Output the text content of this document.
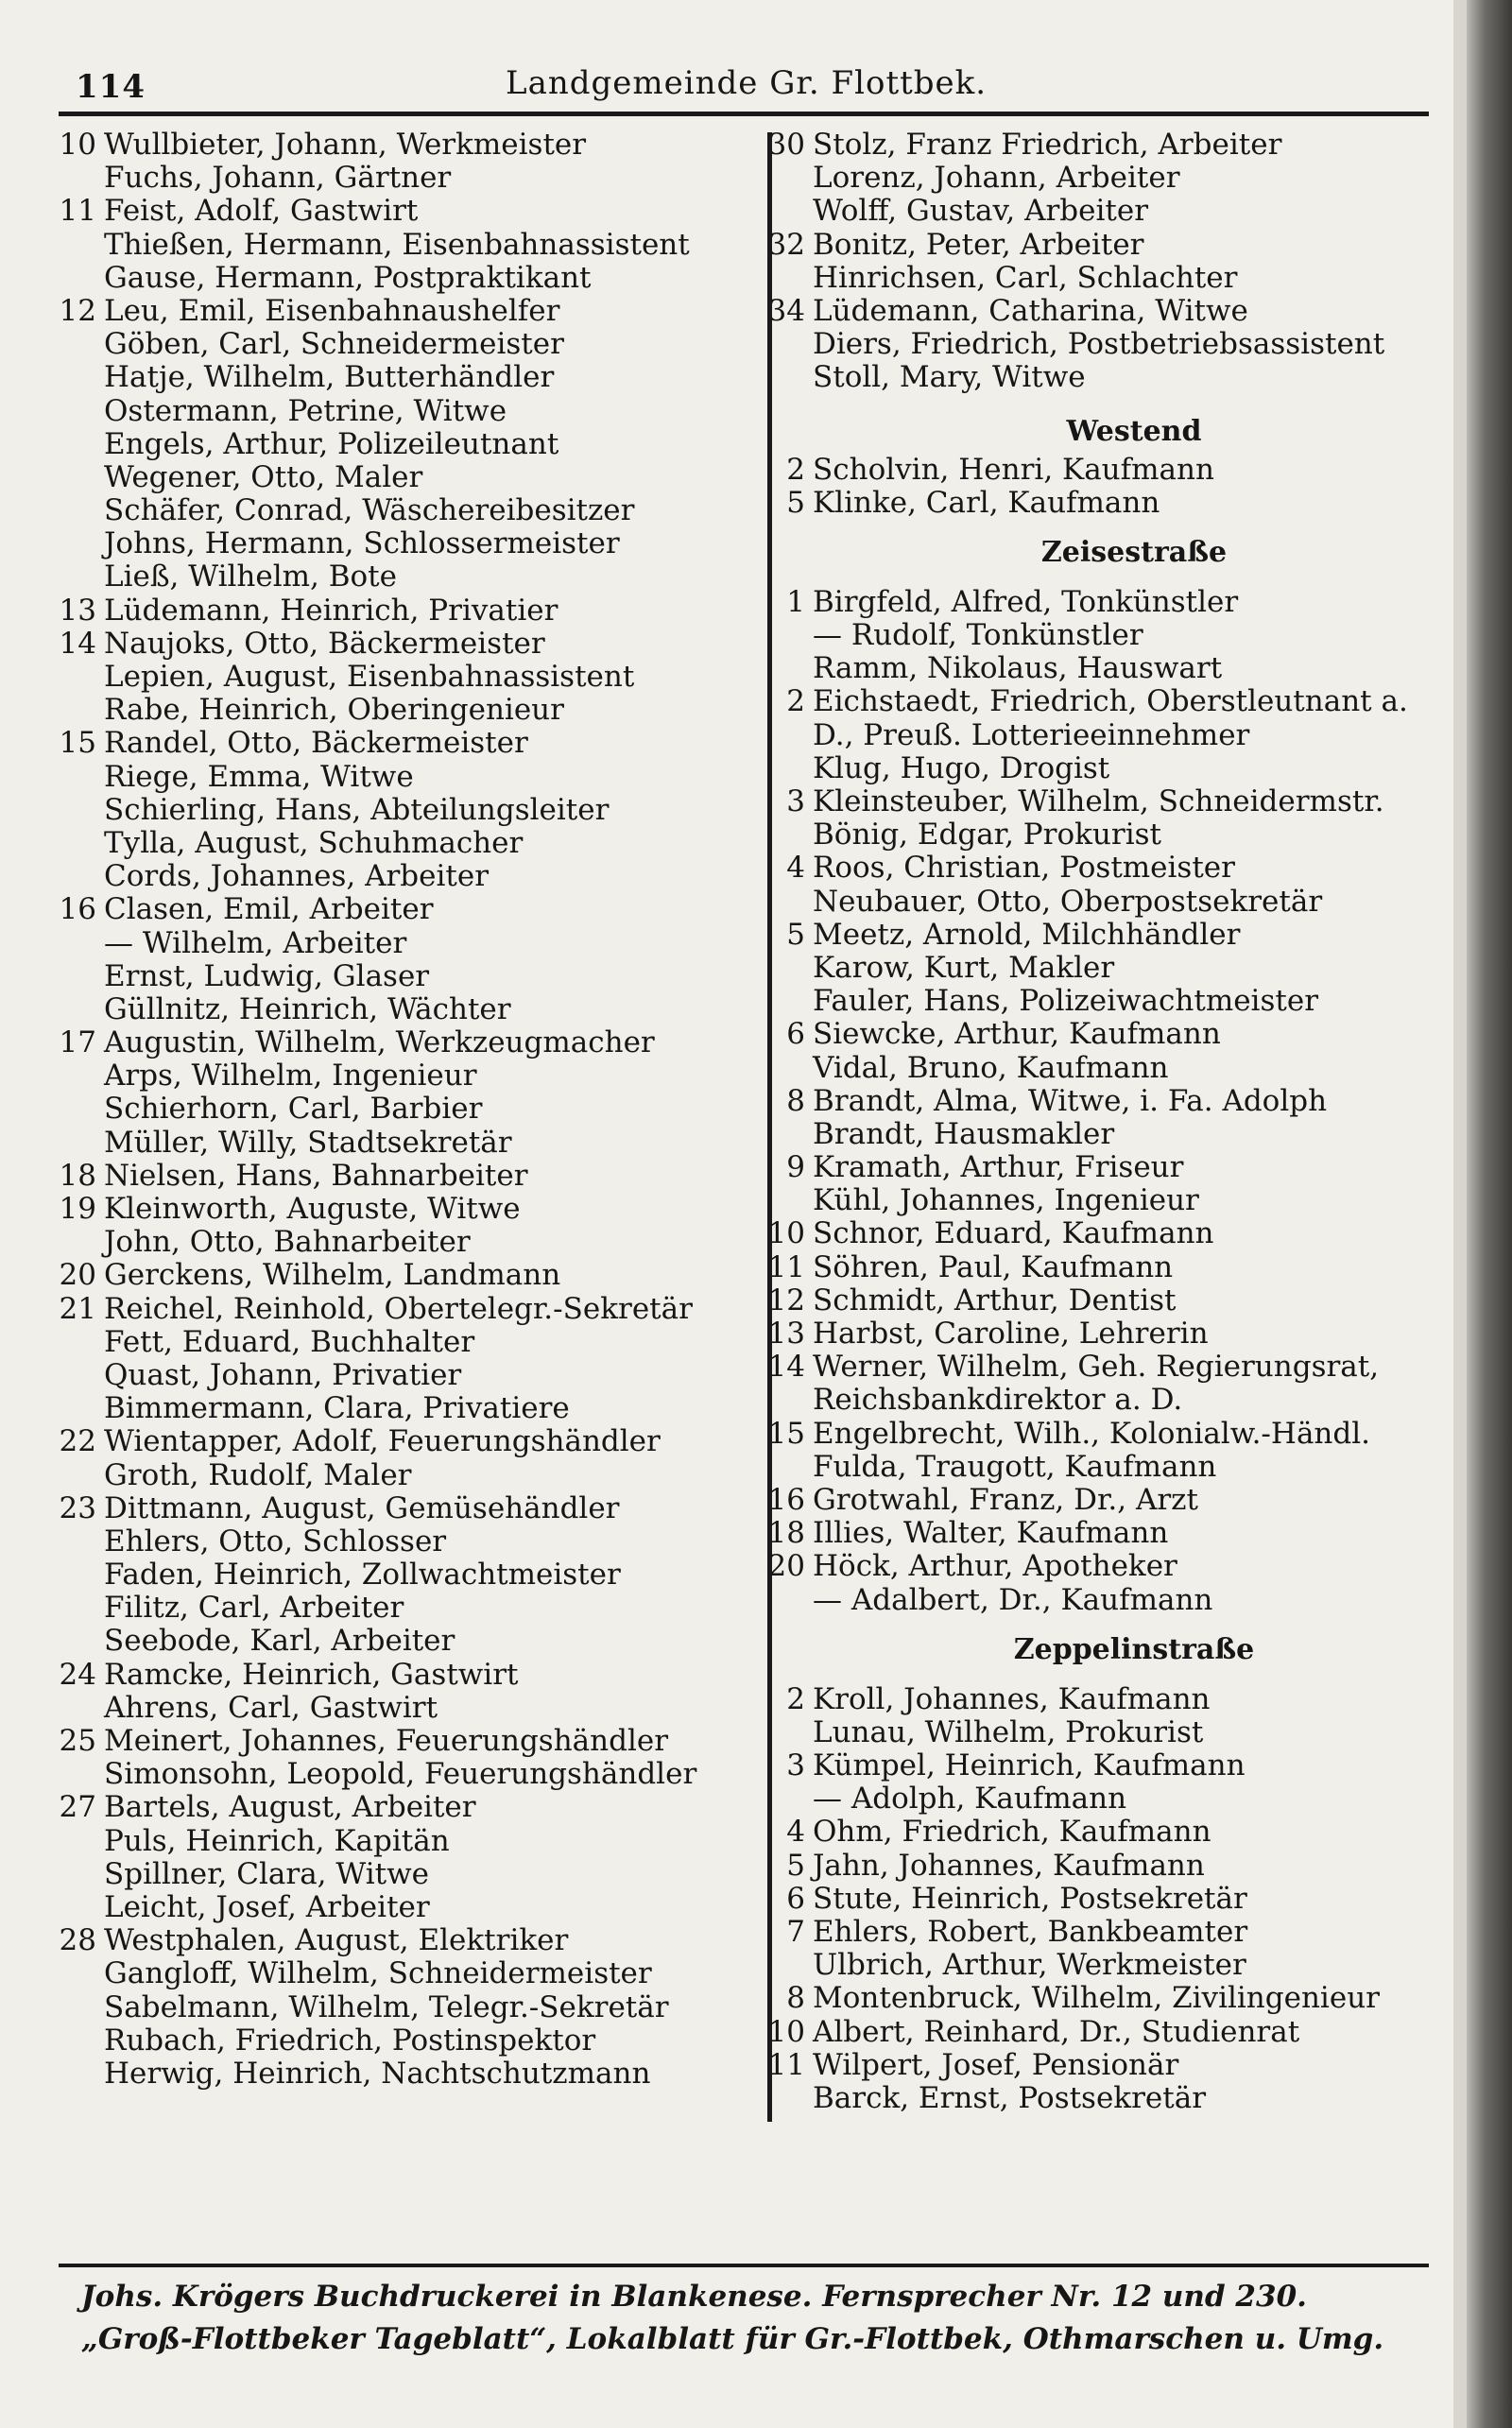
114	Landgemeinde Gr. Flottbek.
10 Wullbieter, Johann, Werkmeister
Fuchs, Johann, Gärtner
11 Feist, Adolf, Gastwirt
Thießen, Hermann, Eisenbahnassistent
Gause, Hermann, Postpraktikant
12 Leu, Emil, Eisenbahnaushelfer
Göben, Carl, Schneidermeister
Hatje, Wilhelm, Butterhändler
Ostermann, Petrine, Witwe
Engels, Arthur, Polizeileutnant
Wegener, Otto, Maler
Schäfer, Conrad, Wäschereibesitzer
Johns, Hermann, Schlossermeister
Ließ, Wilhelm, Bote
13 Lüdemann, Heinrich, Privatier
14 Naujoks, Otto, Bäckermeister
Lepien, August, Eisenbahnassistent
Rabe, Heinrich, Oberingenieur
15 Randel, Otto, Bäckermeister
Riege, Emma, Witwe
Schierling, Hans, Abteilungsleiter
Tylla, August, Schuhmacher
Cords, Johannes, Arbeiter
16 Clasen, Emil, Arbeiter
— Wilhelm, Arbeiter
Ernst, Ludwig, Glaser
Güllnitz, Heinrich, Wächter
17 Augustin, Wilhelm, Werkzeugmacher
Arps, Wilhelm, Ingenieur
Schierhorn, Carl, Barbier
Müller, Willy, Stadtsekretär
18 Nielsen, Hans, Bahnarbeiter
19 Kleinworth, Auguste, Witwe
John, Otto, Bahnarbeiter
20 Gerckens, Wilhelm, Landmann
21 Reichel, Reinhold, Obertelegr.-Sekretär
Fett, Eduard, Buchhalter
Quast, Johann, Privatier
Bimmermann, Clara, Privatiere
22 Wientapper, Adolf, Feuerungshändler
Groth, Rudolf, Maler
23 Dittmann, August, Gemüsehändler
Ehlers, Otto, Schlosser
Faden, Heinrich, Zollwachtmeister
Filitz, Carl, Arbeiter
Seebode, Karl, Arbeiter
24 Ramcke, Heinrich, Gastwirt
Ahrens, Carl, Gastwirt
25 Meinert, Johannes, Feuerungshändler
Simonsohn, Leopold, Feuerungshändler
27 Bartels, August, Arbeiter
Puls, Heinrich, Kapitän
Spillner, Clara, Witwe
Leicht, Josef, Arbeiter
28 Westphalen, August, Elektriker
Gangloff, Wilhelm, Schneidermeister
Sabelmann, Wilhelm, Telegr.-Sekretär
Rubach, Friedrich, Postinspektor
Herwig, Heinrich, Nachtschutzmann
30 Stolz, Franz Friedrich, Arbeiter
Lorenz, Johann, Arbeiter
Wolff, Gustav, Arbeiter
32 Bonitz, Peter, Arbeiter
Hinrichsen, Carl, Schlachter
34 Lüdemann, Catharina, Witwe
Diers, Friedrich, Postbetriebsassistent
Stoll, Mary, Witwe
Westend
2 Scholvin, Henri, Kaufmann
5 Klinke, Carl, Kaufmann
Zeisestraße
1 Birgfeld, Alfred, Tonkünstler
— Rudolf, Tonkünstler
Ramm, Nikolaus, Hauswart
2 Eichstaedt, Friedrich, Oberstleutnant a.
D., Preuß. Lotterieeinnehmer
Klug, Hugo, Drogist
3 Kleinsteuber, Wilhelm, Schneidermstr.
Bönig, Edgar, Prokurist
4 Roos, Christian, Postmeister
Neubauer, Otto, Oberpostsekretär
5 Meetz, Arnold, Milchhändler
Karow, Kurt, Makler
Fauler, Hans, Polizeiwachtmeister
6 Siewcke, Arthur, Kaufmann
Vidal, Bruno, Kaufmann
8 Brandt, Alma, Witwe, i. Fa. Adolph
Brandt, Hausmakler
9 Kramath, Arthur, Friseur
Kühl, Johannes, Ingenieur
10 Schnor, Eduard, Kaufmann
11 Söhren, Paul, Kaufmann
12 Schmidt, Arthur, Dentist
13 Harbst, Caroline, Lehrerin
14 Werner, Wilhelm, Geh. Regierungsrat,
Reichsbankdirektor a. D.
15 Engelbrecht, Wilh., Kolonialw.-Händl.
Fulda, Traugott, Kaufmann
16 Grotwahl, Franz, Dr., Arzt
18 Illies, Walter, Kaufmann
20 Höck, Arthur, Apotheker
— Adalbert, Dr., Kaufmann
Zeppelinstraße
2 Kroll, Johannes, Kaufmann
Lunau, Wilhelm, Prokurist
3 Kümpel, Heinrich, Kaufmann
— Adolph, Kaufmann
4 Ohm, Friedrich, Kaufmann
5 Jahn, Johannes, Kaufmann
6 Stute, Heinrich, Postsekretär
7 Ehlers, Robert, Bankbeamter
Ulbrich, Arthur, Werkmeister
8 Montenbruck, Wilhelm, Zivilingenieur
10 Albert, Reinhard, Dr., Studienrat
11 Wilpert, Josef, Pensionär
Barck, Ernst, Postsekretär
Johs. Krögers Buchdruckerei in Blankenese. Fernsprecher Nr. 12 und 230.
„Groß-Flottbeker Tageblatt“, Lokalblatt für Gr.-Flottbek, Othmarschen u. Umg.
